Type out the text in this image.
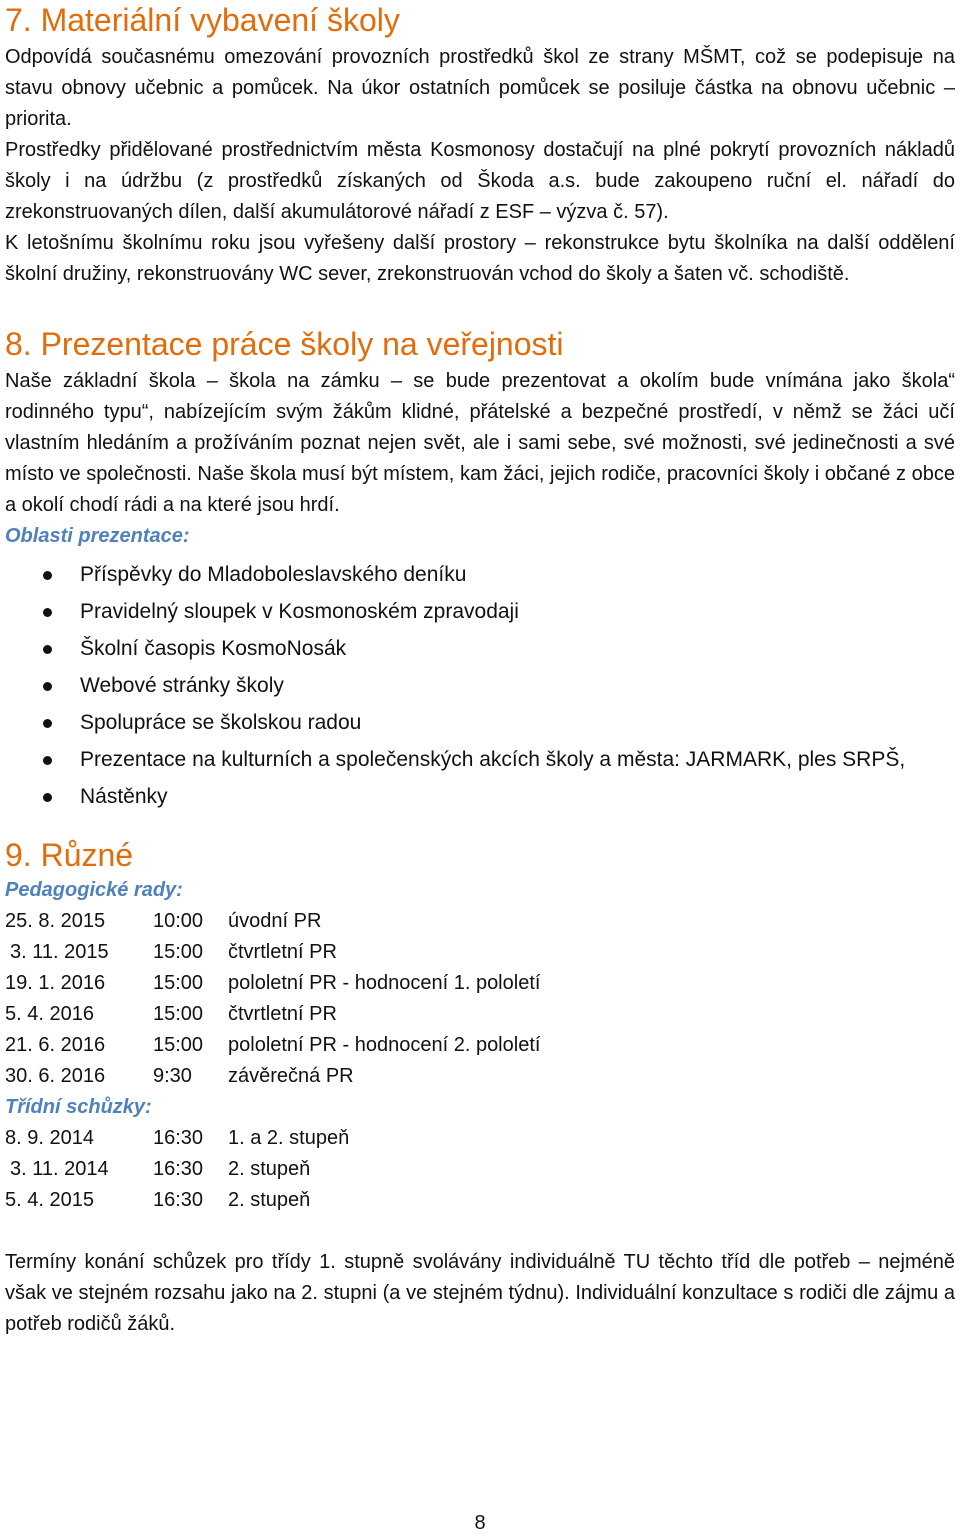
7. Materiální vybavení školy

Odpovídá současnému omezování provozních prostředků škol ze strany MŠMT, což se podepisuje na stavu obnovy učebnic a pomůcek. Na úkor ostatních pomůcek se posiluje částka na obnovu učebnic – priorita.

Prostředky přidělované prostřednictvím města Kosmonosy dostačují na plné pokrytí provozních nákladů školy i na údržbu (z prostředků získaných od Škoda a.s. bude zakoupeno ruční el. nářadí do zrekonstruovaných dílen, další akumulátorové nářadí z ESF – výzva č. 57).

K letošnímu školnímu roku jsou vyřešeny další prostory – rekonstrukce bytu školníka na další oddělení školní družiny, rekonstruovány WC sever, zrekonstruován vchod do školy a šaten vč. schodiště.

8. Prezentace práce školy na veřejnosti

Naše základní škola – škola na zámku – se bude prezentovat a okolím bude vnímána jako škola“ rodinného typu“, nabízejícím svým žákům klidné, přátelské a bezpečné prostředí, v němž se žáci učí vlastním hledáním a prožíváním poznat nejen svět, ale i sami sebe, své možnosti, své jedinečnosti a své místo ve společnosti. Naše škola musí být místem, kam žáci, jejich rodiče, pracovníci školy i občané z obce a okolí chodí rádi a na které jsou hrdí.

Oblasti prezentace:

Příspěvky do Mladoboleslavského deníku
Pravidelný sloupek v Kosmonoském zpravodaji
Školní časopis KosmoNosák
Webové stránky školy
Spolupráce se školskou radou
Prezentace na kulturních a společenských akcích školy a města: JARMARK, ples SRPŠ,
Nástěnky
9. Různé

Pedagogické rady:

25. 8. 2015	10:00	úvodní PR
3. 11. 2015	15:00	čtvrtletní PR
19. 1. 2016	15:00	pololetní PR - hodnocení 1. pololetí
5. 4. 2016	15:00	čtvrtletní PR
21. 6. 2016	15:00	pololetní PR - hodnocení 2. pololetí
30. 6. 2016	9:30	závěrečná PR

Třídní schůzky:

8. 9. 2014	16:30	1. a 2. stupeň
3. 11. 2014	16:30	2. stupeň
5. 4. 2015	16:30	2. stupeň

Termíny konání schůzek pro třídy 1. stupně svolávány individuálně TU těchto tříd dle potřeb – nejméně však ve stejném rozsahu jako na 2. stupni (a ve stejném týdnu). Individuální konzultace s rodiči dle zájmu a potřeb rodičů žáků.

8
